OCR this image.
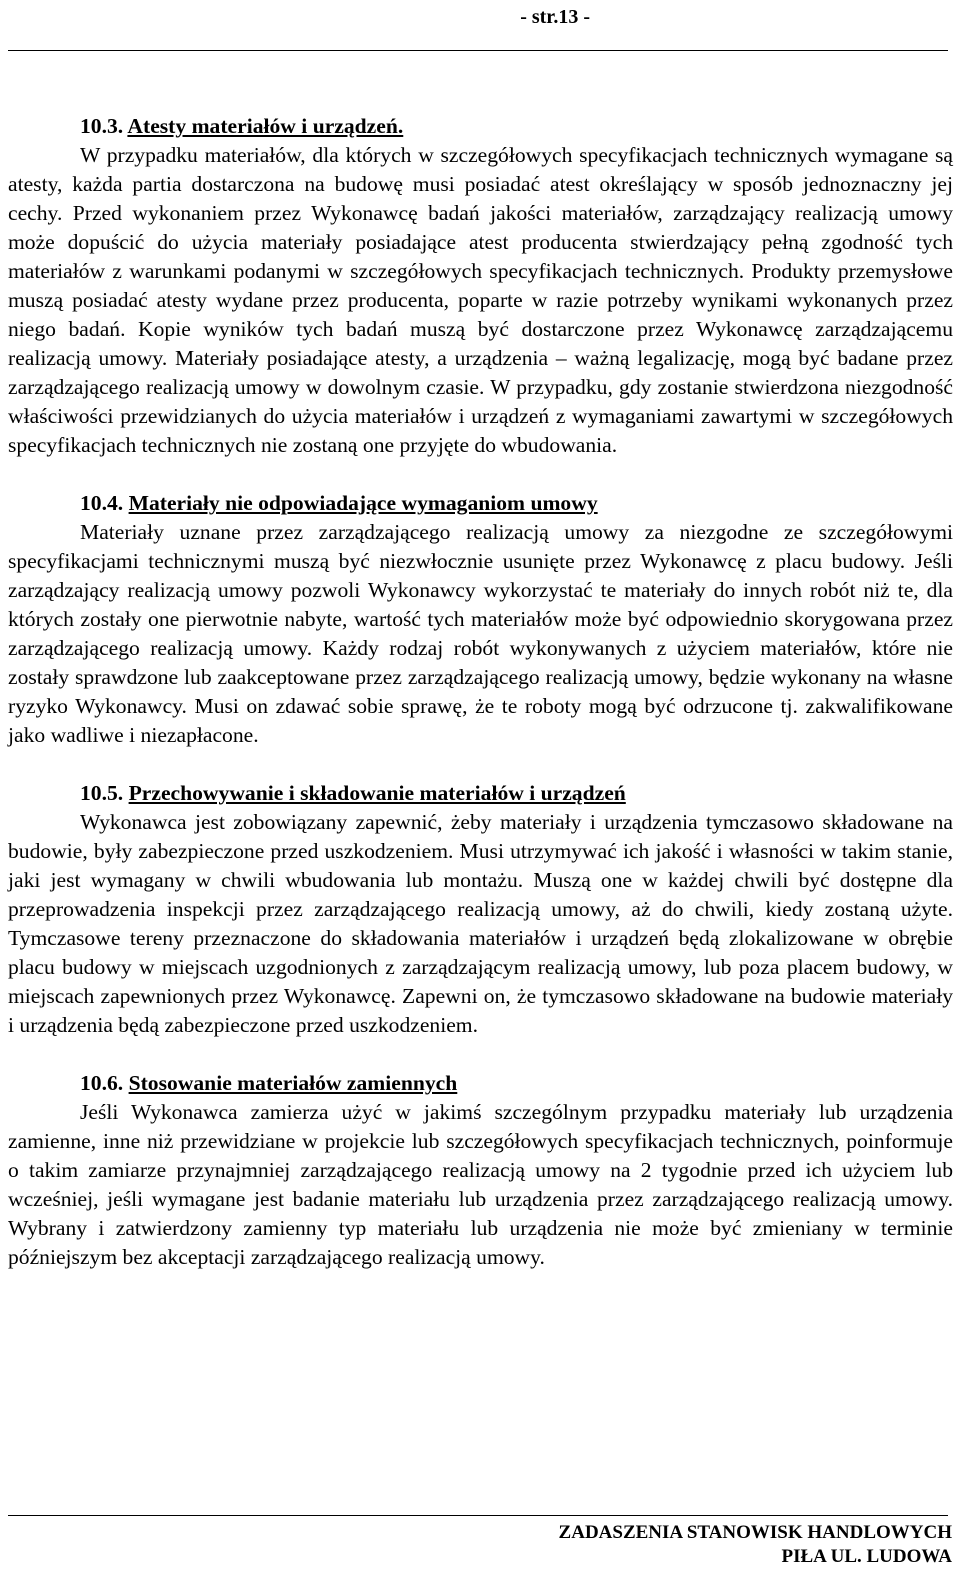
- str.13 -

10.3. Atesty materiałów i urządzeń.

W przypadku materiałów, dla których w szczegółowych specyfikacjach technicznych wymagane są atesty, każda partia dostarczona na budowę musi posiadać atest określający w sposób jednoznaczny jej cechy. Przed wykonaniem przez Wykonawcę badań jakości materiałów, zarządzający realizacją umowy może dopuścić do użycia materiały posiadające atest producenta stwierdzający pełną zgodność tych materiałów z warunkami podanymi w szczegółowych specyfikacjach technicznych. Produkty przemysłowe muszą posiadać atesty wydane przez producenta, poparte w razie potrzeby wynikami wykonanych przez niego badań. Kopie wyników tych badań muszą być dostarczone przez Wykonawcę zarządzającemu realizacją umowy. Materiały posiadające atesty, a urządzenia – ważną legalizację, mogą być badane przez zarządzającego realizacją umowy w dowolnym czasie. W przypadku, gdy zostanie stwierdzona niezgodność właściwości przewidzianych do użycia materiałów i urządzeń z wymaganiami zawartymi w szczegółowych specyfikacjach technicznych nie zostaną one przyjęte do wbudowania.

10.4. Materiały nie odpowiadające wymaganiom umowy

Materiały uznane przez zarządzającego realizacją umowy za niezgodne ze szczegółowymi specyfikacjami technicznymi muszą być niezwłocznie usunięte przez Wykonawcę z placu budowy. Jeśli zarządzający realizacją umowy pozwoli Wykonawcy wykorzystać te materiały do innych robót niż te, dla których zostały one pierwotnie nabyte, wartość tych materiałów może być odpowiednio skorygowana przez zarządzającego realizacją umowy. Każdy rodzaj robót wykonywanych z użyciem materiałów, które nie zostały sprawdzone lub zaakceptowane przez zarządzającego realizacją umowy, będzie wykonany na własne ryzyko Wykonawcy. Musi on zdawać sobie sprawę, że te roboty mogą być odrzucone tj. zakwalifikowane jako wadliwe i niezapłacone.

10.5. Przechowywanie i składowanie materiałów i urządzeń

Wykonawca jest zobowiązany zapewnić, żeby materiały i urządzenia tymczasowo składowane na budowie, były zabezpieczone przed uszkodzeniem. Musi utrzymywać ich jakość i własności w takim stanie, jaki jest wymagany w chwili wbudowania lub montażu. Muszą one w każdej chwili być dostępne dla przeprowadzenia inspekcji przez zarządzającego realizacją umowy, aż do chwili, kiedy zostaną użyte. Tymczasowe tereny przeznaczone do składowania materiałów i urządzeń będą zlokalizowane w obrębie placu budowy w miejscach uzgodnionych z zarządzającym realizacją umowy, lub poza placem budowy, w miejscach zapewnionych przez Wykonawcę. Zapewni on, że tymczasowo składowane na budowie materiały i urządzenia będą zabezpieczone przed uszkodzeniem.

10.6. Stosowanie materiałów zamiennych

Jeśli Wykonawca zamierza użyć w jakimś szczególnym przypadku materiały lub urządzenia zamienne, inne niż przewidziane w projekcie lub szczegółowych specyfikacjach technicznych, poinformuje o takim zamiarze przynajmniej zarządzającego realizacją umowy na 2 tygodnie przed ich użyciem lub wcześniej, jeśli wymagane jest badanie materiału lub urządzenia przez zarządzającego realizacją umowy. Wybrany i zatwierdzony zamienny typ materiału lub urządzenia nie może być zmieniany w terminie późniejszym bez akceptacji zarządzającego realizacją umowy.

ZADASZENIA STANOWISK HANDLOWYCH
PIŁA UL. LUDOWA
